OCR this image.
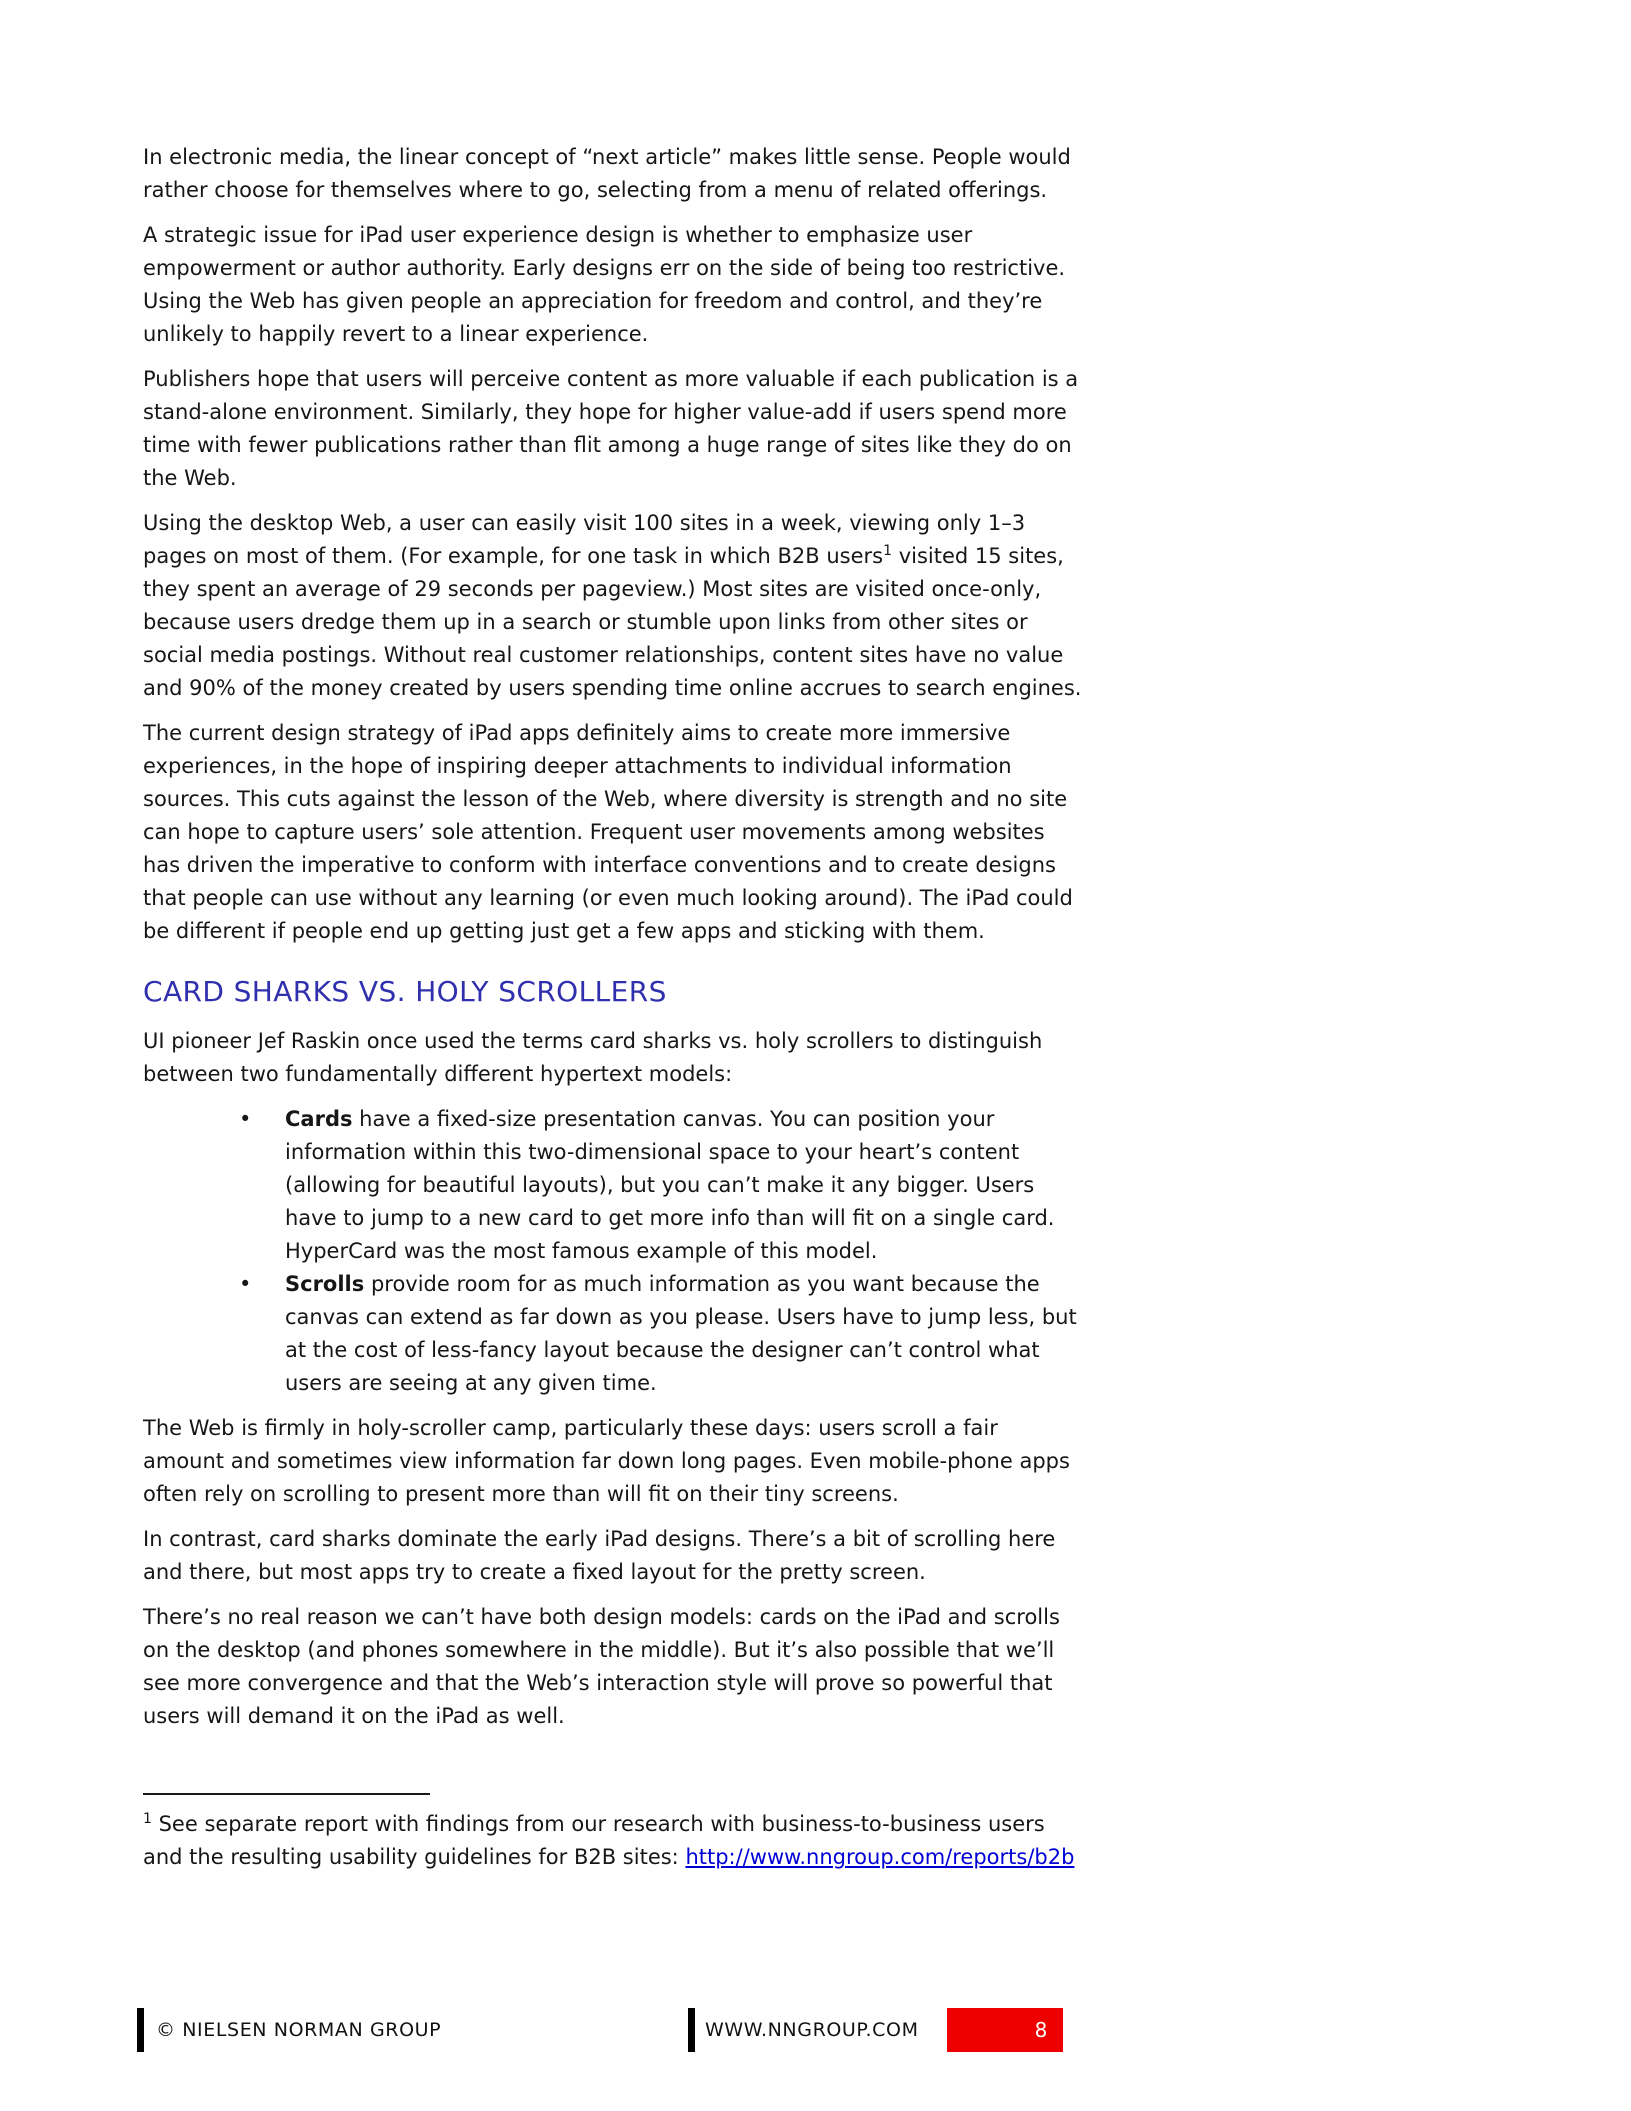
In electronic media, the linear concept of “next article” makes little sense. People would rather choose for themselves where to go, selecting from a menu of related offerings.

A strategic issue for iPad user experience design is whether to emphasize user empowerment or author authority. Early designs err on the side of being too restrictive. Using the Web has given people an appreciation for freedom and control, and they’re unlikely to happily revert to a linear experience.

Publishers hope that users will perceive content as more valuable if each publication is a stand-alone environment. Similarly, they hope for higher value-add if users spend more time with fewer publications rather than flit among a huge range of sites like they do on the Web.

Using the desktop Web, a user can easily visit 100 sites in a week, viewing only 1–3 pages on most of them. (For example, for one task in which B2B users$^1$ visited 15 sites, they spent an average of 29 seconds per pageview.) Most sites are visited once-only, because users dredge them up in a search or stumble upon links from other sites or social media postings. Without real customer relationships, content sites have no value and 90% of the money created by users spending time online accrues to search engines.

The current design strategy of iPad apps definitely aims to create more immersive experiences, in the hope of inspiring deeper attachments to individual information sources. This cuts against the lesson of the Web, where diversity is strength and no site can hope to capture users’ sole attention. Frequent user movements among websites has driven the imperative to conform with interface conventions and to create designs that people can use without any learning (or even much looking around). The iPad could be different if people end up getting just get a few apps and sticking with them.

CARD SHARKS VS. HOLY SCROLLERS

UI pioneer Jef Raskin once used the terms card sharks vs. holy scrollers to distinguish between two fundamentally different hypertext models:

• Cards have a fixed-size presentation canvas. You can position your information within this two-dimensional space to your heart’s content (allowing for beautiful layouts), but you can’t make it any bigger. Users have to jump to a new card to get more info than will fit on a single card. HyperCard was the most famous example of this model.
• Scrolls provide room for as much information as you want because the canvas can extend as far down as you please. Users have to jump less, but at the cost of less-fancy layout because the designer can’t control what users are seeing at any given time.

The Web is firmly in holy-scroller camp, particularly these days: users scroll a fair amount and sometimes view information far down long pages. Even mobile-phone apps often rely on scrolling to present more than will fit on their tiny screens.

In contrast, card sharks dominate the early iPad designs. There’s a bit of scrolling here and there, but most apps try to create a fixed layout for the pretty screen.

There’s no real reason we can’t have both design models: cards on the iPad and scrolls on the desktop (and phones somewhere in the middle). But it’s also possible that we’ll see more convergence and that the Web’s interaction style will prove so powerful that users will demand it on the iPad as well.

$^1$ See separate report with findings from our research with business-to-business users and the resulting usability guidelines for B2B sites: http://www.nngroup.com/reports/b2b

© NIELSEN NORMAN GROUP	WWW.NNGROUP.COM	8
